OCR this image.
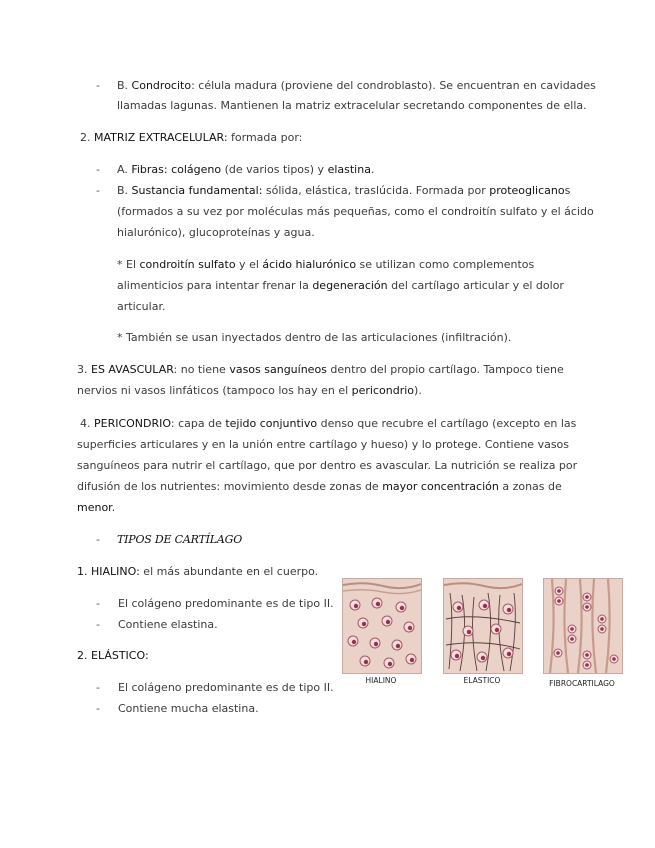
- B. Condrocito: célula madura (proviene del condroblasto). Se encuentran en cavidades
llamadas lagunas. Mantienen la matriz extracelular secretando componentes de ella.
2. MATRIZ EXTRACELULAR: formada por:
- A. Fibras: colágeno (de varios tipos) y elastina.
- B. Sustancia fundamental: sólida, elástica, traslúcida. Formada por proteoglicanos
(formados a su vez por moléculas más pequeñas, como el condroitín sulfato y el ácido
hialurónico), glucoproteínas y agua.
* El condroitín sulfato y el ácido hialurónico se utilizan como complementos
alimenticios para intentar frenar la degeneración del cartílago articular y el dolor
articular.
* También se usan inyectados dentro de las articulaciones (infiltración).
3. ES AVASCULAR: no tiene vasos sanguíneos dentro del propio cartílago. Tampoco tiene
nervios ni vasos linfáticos (tampoco los hay en el pericondrio).
4. PERICONDRIO: capa de tejido conjuntivo denso que recubre el cartílago (excepto en las
superficies articulares y en la unión entre cartílago y hueso) y lo protege. Contiene vasos
sanguíneos para nutrir el cartílago, que por dentro es avascular. La nutrición se realiza por
difusión de los nutrientes: movimiento desde zonas de mayor concentración a zonas de
menor.
- TIPOS DE CARTÍLAGO
1. HIALINO: el más abundante en el cuerpo.
- El colágeno predominante es de tipo II.
- Contiene elastina.
2. ELÁSTICO:
- El colágeno predominante es de tipo II.
- Contiene mucha elastina.
HIALINO	ELASTICO	FIBROCARTILAGO
